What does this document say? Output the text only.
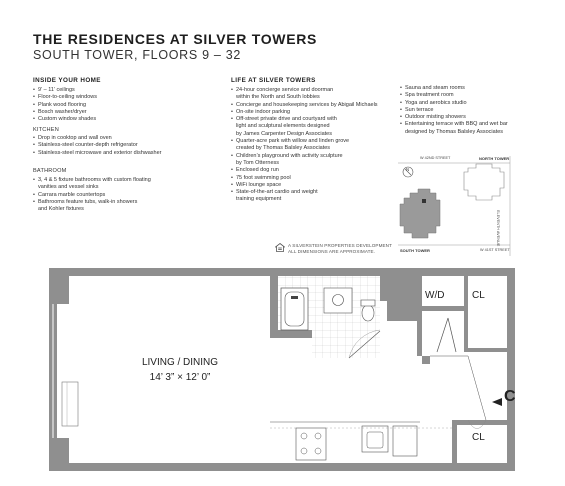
THE RESIDENCES AT SILVER TOWERS
SOUTH TOWER, FLOORS 9 – 32
INSIDE YOUR HOME
• 9’ – 11’ ceilings
• Floor-to-ceiling windows
• Plank wood flooring
• Bosch washer/dryer
• Custom window shades
KITCHEN
• Drop in cooktop and wall oven
• Stainless-steel counter-depth refrigerator
• Stainless-steel microwave and exterior dishwasher
BATHROOM
• 3, 4 & 5 fixture bathrooms with custom floating
vanities and vessel sinks
• Carrara marble countertops
• Bathrooms feature tubs, walk-in showers
and Kohler fixtures
LIFE AT SILVER TOWERS
• 24-hour concierge service and doorman
within the North and South lobbies
• Concierge and housekeeping services by Abigail Michaels
• On-site indoor parking
• Off-street private drive and courtyard with
light and sculptural elements designed
by James Carpenter Design Associates
• Quarter-acre park with willow and linden grove
created by Thomas Balsley Associates
• Children’s playground with activity sculpture
by Tom Otterness
• Enclosed dog run
• 75 foot swimming pool
• WiFi lounge space
• State-of-the-art cardio and weight
training equipment
• Sauna and steam rooms
• Spa treatment room
• Yoga and aerobics studio
• Sun terrace
• Outdoor misting showers
• Entertaining terrace with BBQ and wet bar
designed by Thomas Balsley Associates
A SILVERSTEIN PROPERTIES DEVELOPMENT
ALL DIMENSIONS ARE APPROXIMATE.
N
W 42ND STREET	NORTH TOWER
SOUTH TOWER	W 41ST STREET
ELEVENTH AVENUE
LIVING / DINING
14’ 3” × 12’ 0”
W/D	CL
CL
C
